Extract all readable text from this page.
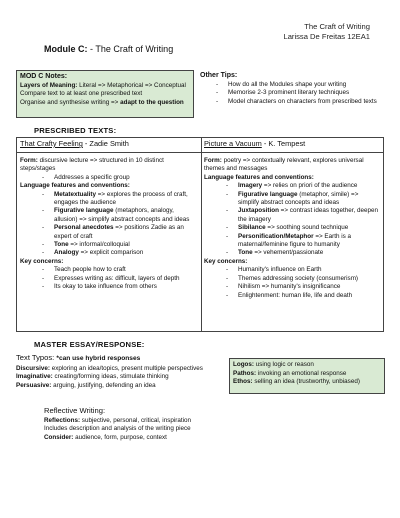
The Craft of Writing
Larissa De Freitas 12EA1
Module C: - The Craft of Writing
MOD C Notes:
Layers of Meaning: Literal => Metaphorical => Conceptual
Compare text to at least one prescribed text
Organise and synthesise writing => adapt to the question
Other Tips:
- How do all the Modules shape your writing
- Memorise 2-3 prominent literary techniques
- Model characters on characters from prescribed texts
PRESCRIBED TEXTS:
That Crafty Feeling - Zadie Smith

Form: discursive lecture => structured in 10 distinct steps/stages

- Addresses a specific group

Language features and conventions:

- Metatextuality => explores the process of craft, engages the audience
- Figurative language (metaphors, analogy, allusion) => simplify abstract concepts and ideas
- Personal anecdotes => positions Zadie as an expert of craft
- Tone => informal/colloquial
- Analogy => explicit comparison

Key concerns:

- Teach people how to craft
- Expresses writing as: difficult, layers of depth
- Its okay to take influence from others
Picture a Vacuum - K. Tempest

Form: poetry => contextually relevant, explores universal themes and messages

Language features and conventions:

- Imagery => relies on priori of the audience
- Figurative language (metaphor, simile) => simplify abstract concepts and ideas
- Juxtaposition => contrast ideas together, deepen the imagery
- Sibilance => soothing sound technique
- Personification/Metaphor => Earth is a maternal/feminine figure to humanity
- Tone => vehement/passionate

Key concerns:

- Humanity's influence on Earth
- Themes addressing society (consumerism)
- Nihilism => humanity's insignificance
- Enlightenment: human life, life and death
MASTER ESSAY/RESPONSE:
Text Typos: *can use hybrid responses
Discursive: exploring an idea/topics, present multiple perspectives
Imaginative: creating/forming ideas, stimulate thinking
Persuasive: arguing, justifying, defending an idea
Logos: using logic or reason
Pathos: invoking an emotional response
Ethos: selling an idea (trustworthy, unbiased)
Reflective Writing:
Reflections: subjective, personal, critical, inspiration
Includes description and analysis of the writing piece
Consider: audience, form, purpose, context
